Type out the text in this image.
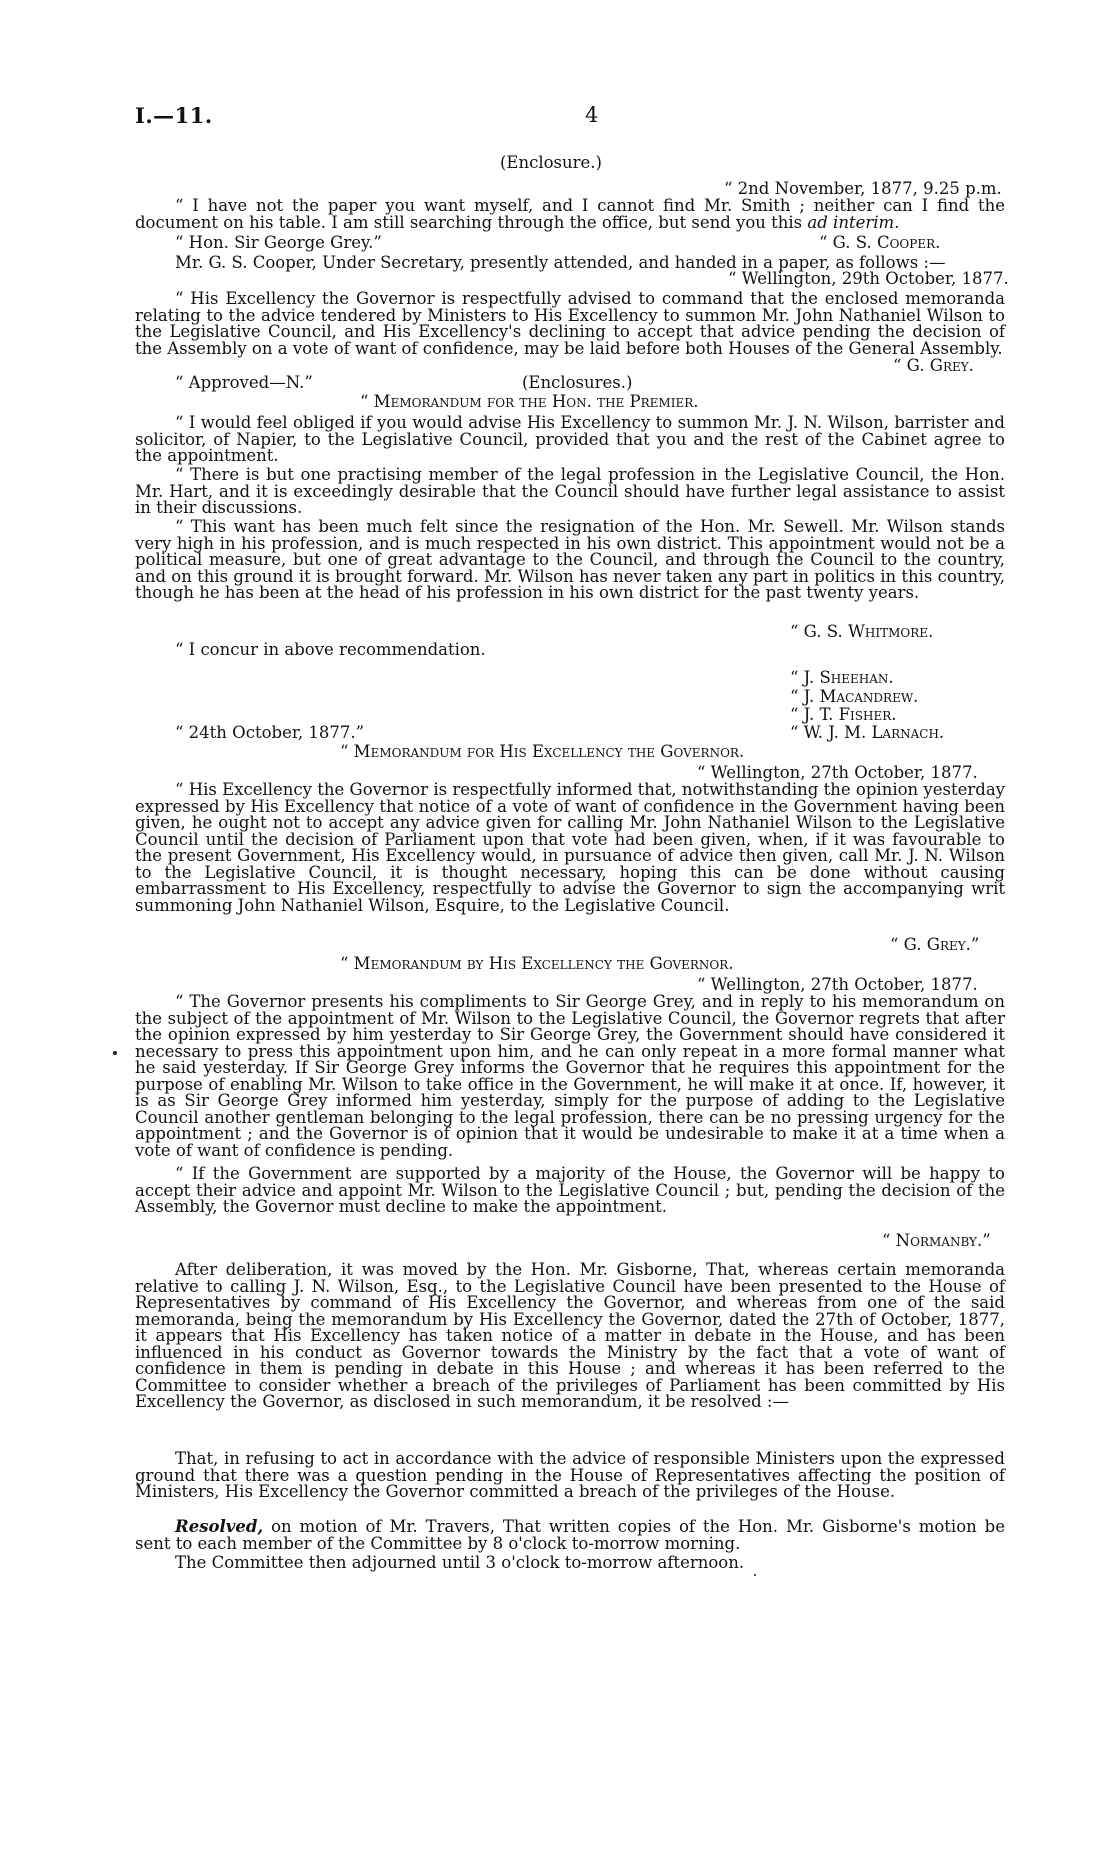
I.—11.	4
(Enclosure.)
“ 2nd November, 1877, 9.25 p.m.
“ I have not the paper you want myself, and I cannot find Mr. Smith ; neither can I find the document on his table. I am still searching through the office, but send you this ad interim.
“ Hon. Sir George Grey.”	“ G. S. Cooper.
Mr. G. S. Cooper, Under Secretary, presently attended, and handed in a paper, as follows :—
“ Wellington, 29th October, 1877.
“ His Excellency the Governor is respectfully advised to command that the enclosed memoranda relating to the advice tendered by Ministers to His Excellency to summon Mr. John Nathaniel Wilson to the Legislative Council, and His Excellency's declining to accept that advice pending the decision of the Assembly on a vote of want of confidence, may be laid before both Houses of the General Assembly.
“ G. Grey.
“ Approved—N.”	(Enclosures.)
“ Memorandum for the Hon. the Premier.
“ I would feel obliged if you would advise His Excellency to summon Mr. J. N. Wilson, barrister and solicitor, of Napier, to the Legislative Council, provided that you and the rest of the Cabinet agree to the appointment.
“ There is but one practising member of the legal profession in the Legislative Council, the Hon. Mr. Hart, and it is exceedingly desirable that the Council should have further legal assistance to assist in their discussions.
“ This want has been much felt since the resignation of the Hon. Mr. Sewell. Mr. Wilson stands very high in his profession, and is much respected in his own district. This appointment would not be a political measure, but one of great advantage to the Council, and through the Council to the country, and on this ground it is brought forward. Mr. Wilson has never taken any part in politics in this country, though he has been at the head of his profession in his own district for the past twenty years.
“ G. S. Whitmore.
“ I concur in above recommendation.
“ J. Sheehan.
“ J. Macandrew.
“ J. T. Fisher.
“ 24th October, 1877.”	“ W. J. M. Larnach.
“ Memorandum for His Excellency the Governor.
“ Wellington, 27th October, 1877.
“ His Excellency the Governor is respectfully informed that, notwithstanding the opinion yesterday expressed by His Excellency that notice of a vote of want of confidence in the Government having been given, he ought not to accept any advice given for calling Mr. John Nathaniel Wilson to the Legislative Council until the decision of Parliament upon that vote had been given, when, if it was favourable to the present Government, His Excellency would, in pursuance of advice then given, call Mr. J. N. Wilson to the Legislative Council, it is thought necessary, hoping this can be done without causing embarrassment to His Excellency, respectfully to advise the Governor to sign the accompanying writ summoning John Nathaniel Wilson, Esquire, to the Legislative Council.
“ G. Grey.”
“ Memorandum by His Excellency the Governor.
“ Wellington, 27th October, 1877.
“ The Governor presents his compliments to Sir George Grey, and in reply to his memorandum on the subject of the appointment of Mr. Wilson to the Legislative Council, the Governor regrets that after the opinion expressed by him yesterday to Sir George Grey, the Government should have considered it necessary to press this appointment upon him, and he can only repeat in a more formal manner what he said yesterday. If Sir George Grey informs the Governor that he requires this appointment for the purpose of enabling Mr. Wilson to take office in the Government, he will make it at once. If, however, it is as Sir George Grey informed him yesterday, simply for the purpose of adding to the Legislative Council another gentleman belonging to the legal profession, there can be no pressing urgency for the appointment ; and the Governor is of opinion that it would be undesirable to make it at a time when a vote of want of confidence is pending.
“ If the Government are supported by a majority of the House, the Governor will be happy to accept their advice and appoint Mr. Wilson to the Legislative Council ; but, pending the decision of the Assembly, the Governor must decline to make the appointment.
“ Normanby.”
After deliberation, it was moved by the Hon. Mr. Gisborne, That, whereas certain memoranda relative to calling J. N. Wilson, Esq., to the Legislative Council have been presented to the House of Representatives by command of His Excellency the Governor, and whereas from one of the said memoranda, being the memorandum by His Excellency the Governor, dated the 27th of October, 1877, it appears that His Excellency has taken notice of a matter in debate in the House, and has been influenced in his conduct as Governor towards the Ministry by the fact that a vote of want of confidence in them is pending in debate in this House ; and whereas it has been referred to the Committee to consider whether a breach of the privileges of Parliament has been committed by His Excellency the Governor, as disclosed in such memorandum, it be resolved :—
That, in refusing to act in accordance with the advice of responsible Ministers upon the expressed ground that there was a question pending in the House of Representatives affecting the position of Ministers, His Excellency the Governor committed a breach of the privileges of the House.
Resolved, on motion of Mr. Travers, That written copies of the Hon. Mr. Gisborne's motion be sent to each member of the Committee by 8 o'clock to-morrow morning.
The Committee then adjourned until 3 o'clock to-morrow afternoon.
